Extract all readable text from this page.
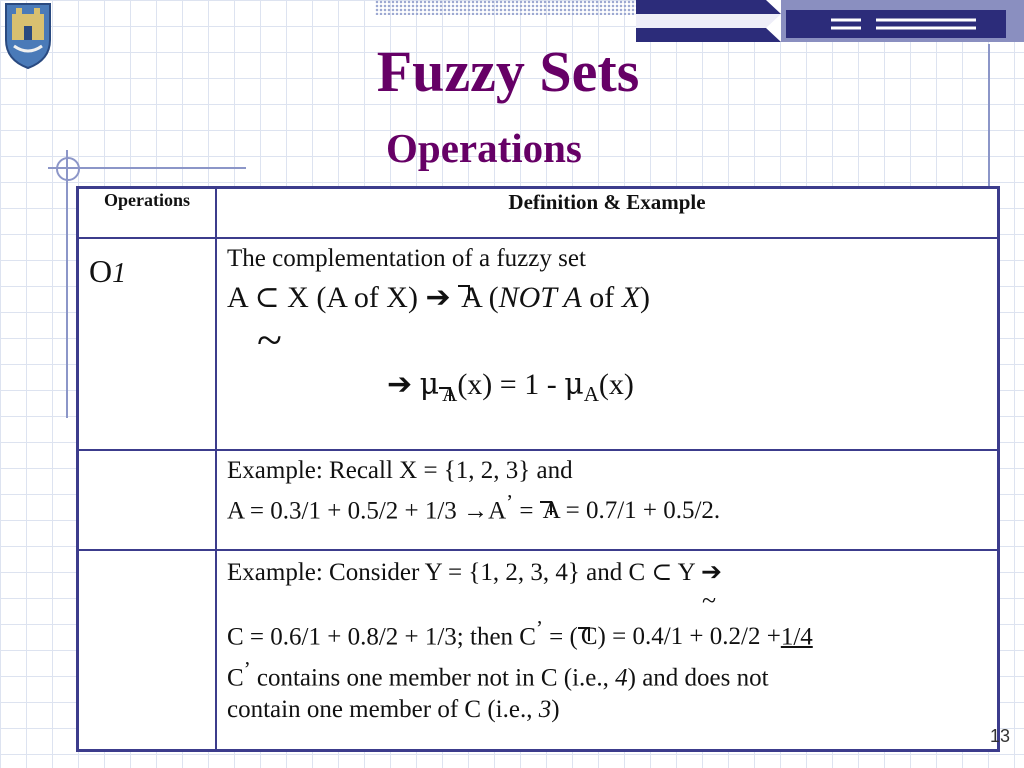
Fuzzy Sets
Operations
Operations	Definition & Example
O1	The complementation of a fuzzy set
A ⊂ X (A of X) ➔ A (NOT A of X)
~
➔ μ $_A(x) = 1 - \mu_A(x)$

	Example: Recall X = {1, 2, 3} and
A = 0.3/1 + 0.5/2 + 1/3 →A’ = A = 0.7/1 + 0.5/2.

	Example: Consider Y = {1, 2, 3, 4} and C ⊂ Y ➔
~
C = 0.6/1 + 0.8/2 + 1/3; then C’ = ( C) = 0.4/1 + 0.2/2 +1/4
C’ contains one member not in C (i.e., 4) and does not
contain one member of C (i.e., 3)
13
